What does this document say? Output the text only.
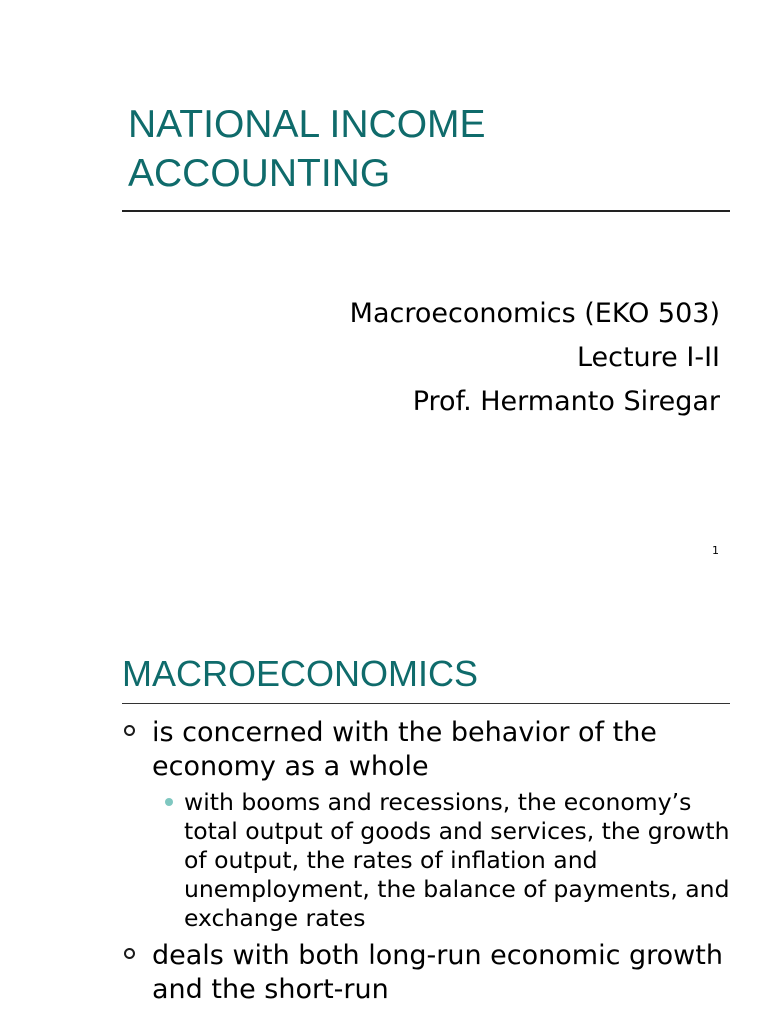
NATIONAL INCOME ACCOUNTING
Macroeconomics (EKO 503)
Lecture I-II
Prof. Hermanto Siregar
1
MACROECONOMICS
is concerned with the behavior of the economy as a whole
with booms and recessions, the economy’s total output of goods and services, the growth of output, the rates of inflation and unemployment, the balance of payments, and exchange rates
deals with both long-run economic growth and the short-run
